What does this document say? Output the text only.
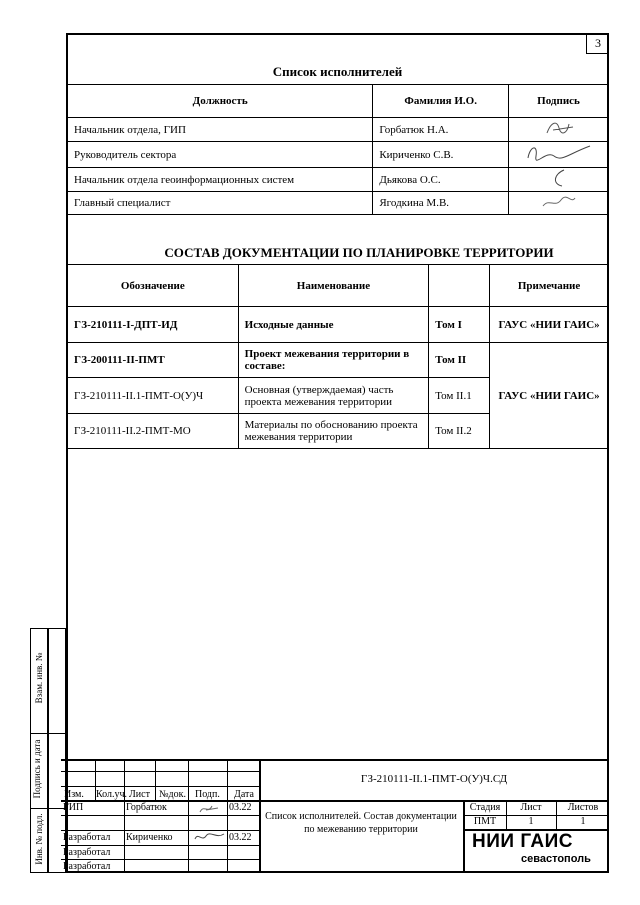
3
Список исполнителей
Должность	Фамилия И.О.	Подпись
Начальник отдела, ГИП	Горбатюк Н.А.	
Руководитель сектора	Кириченко С.В.	
Начальник отдела геоинформационных систем	Дьякова О.С.	
Главный специалист	Ягодкина М.В.	
СОСТАВ ДОКУМЕНТАЦИИ ПО ПЛАНИРОВКЕ ТЕРРИТОРИИ
Обозначение	Наименование		Примечание
ГЗ-210111-I-ДПТ-ИД	Исходные данные	Том I	ГАУС «НИИ ГАИС»
ГЗ-200111-II-ПМТ	Проект межевания территории в составе:	Том II	ГАУС «НИИ ГАИС»
ГЗ-210111-II.1-ПМТ-О(У)Ч	Основная (утверждаемая) часть проекта межевания территории	Том II.1	
ГЗ-210111-II.2-ПМТ-МО	Материалы по обоснованию проекта межевания территории	Том II.2	
Взам. инв. №
Подпись и дата
Инв. № подл.
Изм. Кол.уч. Лист №док. Подп. Дата
ГИП	Горбатюк	03.22
Разработал Кириченко	03.22
Разработал
Разработал
ГЗ-210111-II.1-ПМТ-О(У)Ч.СД
Список исполнителей. Состав документации по межеванию территории
Стадия	Лист	Листов
ПМТ	1	1
НИИ ГАИС
севастополь
